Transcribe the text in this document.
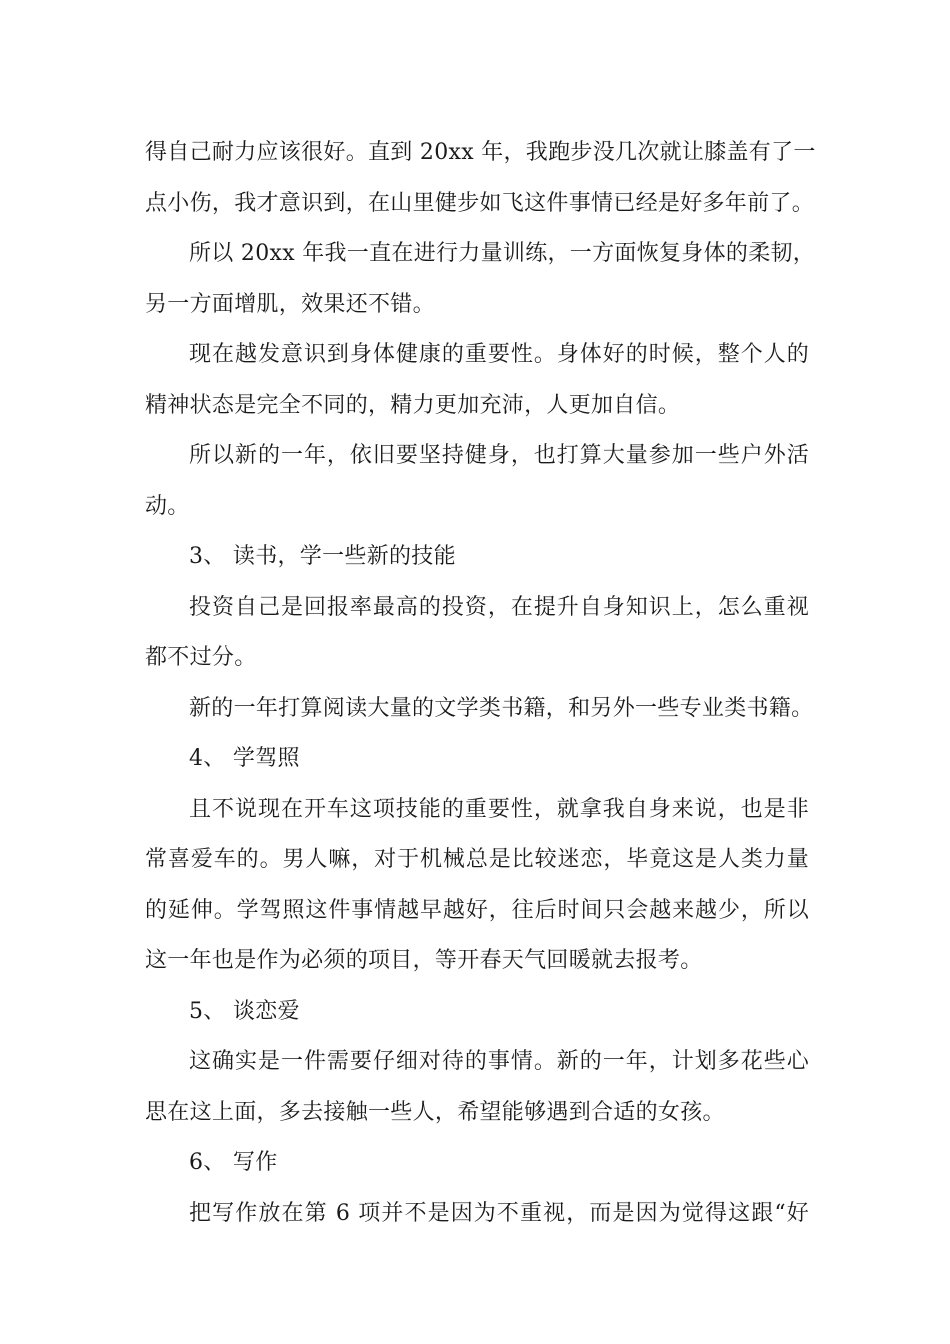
得自己耐力应该很好。直到 20xx 年，我跑步没几次就让膝盖有了一
点小伤，我才意识到，在山里健步如飞这件事情已经是好多年前了。
所以 20xx 年我一直在进行力量训练，一方面恢复身体的柔韧，
另一方面增肌，效果还不错。
现在越发意识到身体健康的重要性。身体好的时候，整个人的
精神状态是完全不同的，精力更加充沛，人更加自信。
所以新的一年，依旧要坚持健身，也打算大量参加一些户外活
动。
3、 读书，学一些新的技能
投资自己是回报率最高的投资，在提升自身知识上，怎么重视
都不过分。
新的一年打算阅读大量的文学类书籍，和另外一些专业类书籍。
4、 学驾照
且不说现在开车这项技能的重要性，就拿我自身来说，也是非
常喜爱车的。男人嘛，对于机械总是比较迷恋，毕竟这是人类力量
的延伸。学驾照这件事情越早越好，往后时间只会越来越少，所以
这一年也是作为必须的项目，等开春天气回暖就去报考。
5、 谈恋爱
这确实是一件需要仔细对待的事情。新的一年，计划多花些心
思在这上面，多去接触一些人，希望能够遇到合适的女孩。
6、 写作
把写作放在第 6 项并不是因为不重视，而是因为觉得这跟“好
